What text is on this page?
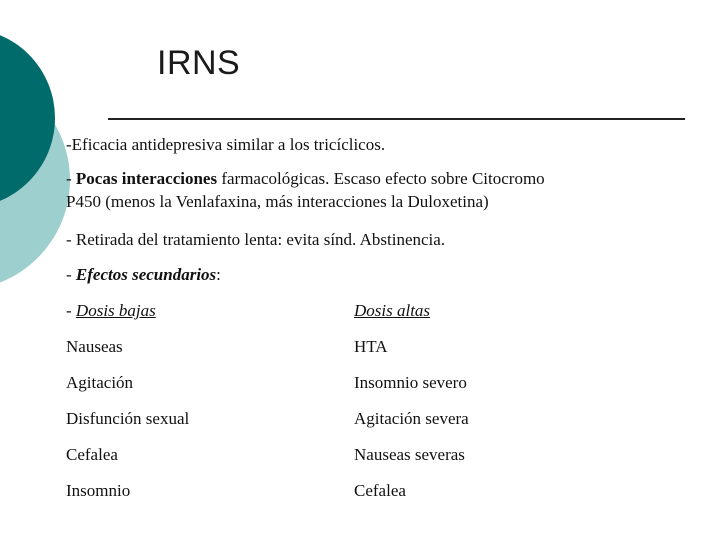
IRNS
-Eficacia antidepresiva similar a los tricíclicos.
- Pocas interacciones farmacológicas. Escaso efecto sobre Citocromo
P450 (menos la Venlafaxina, más interacciones la Duloxetina)
- Retirada del tratamiento lenta: evita sínd. Abstinencia.
- Efectos secundarios:
- Dosis bajas	Dosis altas
Nauseas	HTA
Agitación	Insomnio severo
Disfunción sexual	Agitación severa
Cefalea	Nauseas severas
Insomnio	Cefalea
